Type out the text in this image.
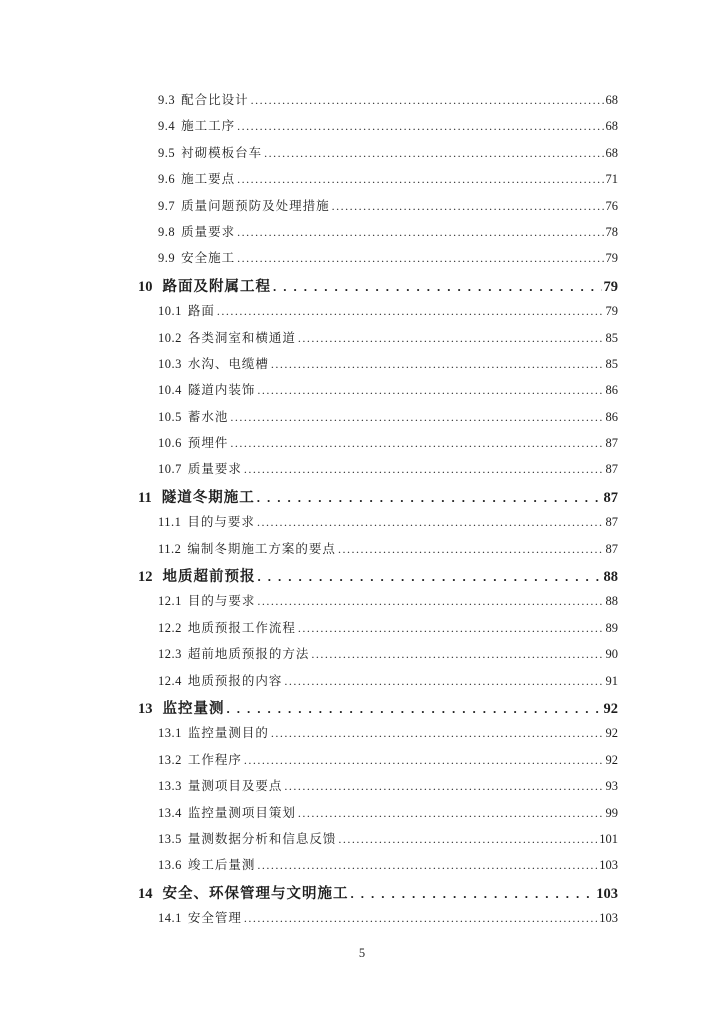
9.3 配合比设计 .....	68
9.4 施工工序 .....	68
9.5 衬砌模板台车 .....	68
9.6 施工要点 .....	71
9.7 质量问题预防及处理措施 .....	76
9.8 质量要求 .....	78
9.9 安全施工 .....	79
10 路面及附属工程 .....	79
10.1 路面 .....	79
10.2 各类洞室和横通道 .....	85
10.3 水沟、电缆槽 .....	85
10.4 隧道内装饰 .....	86
10.5 蓄水池 .....	86
10.6 预埋件 .....	87
10.7 质量要求 .....	87
11 隧道冬期施工 .....	87
11.1 目的与要求 .....	87
11.2 编制冬期施工方案的要点 .....	87
12 地质超前预报 .....	88
12.1 目的与要求 .....	88
12.2 地质预报工作流程 .....	89
12.3 超前地质预报的方法 .....	90
12.4 地质预报的内容 .....	91
13 监控量测 .....	92
13.1 监控量测目的 .....	92
13.2 工作程序 .....	92
13.3 量测项目及要点 .....	93
13.4 监控量测项目策划 .....	99
13.5 量测数据分析和信息反馈 .....	101
13.6 竣工后量测 .....	103
14 安全、环保管理与文明施工 .....	103
14.1 安全管理 .....	103
5
